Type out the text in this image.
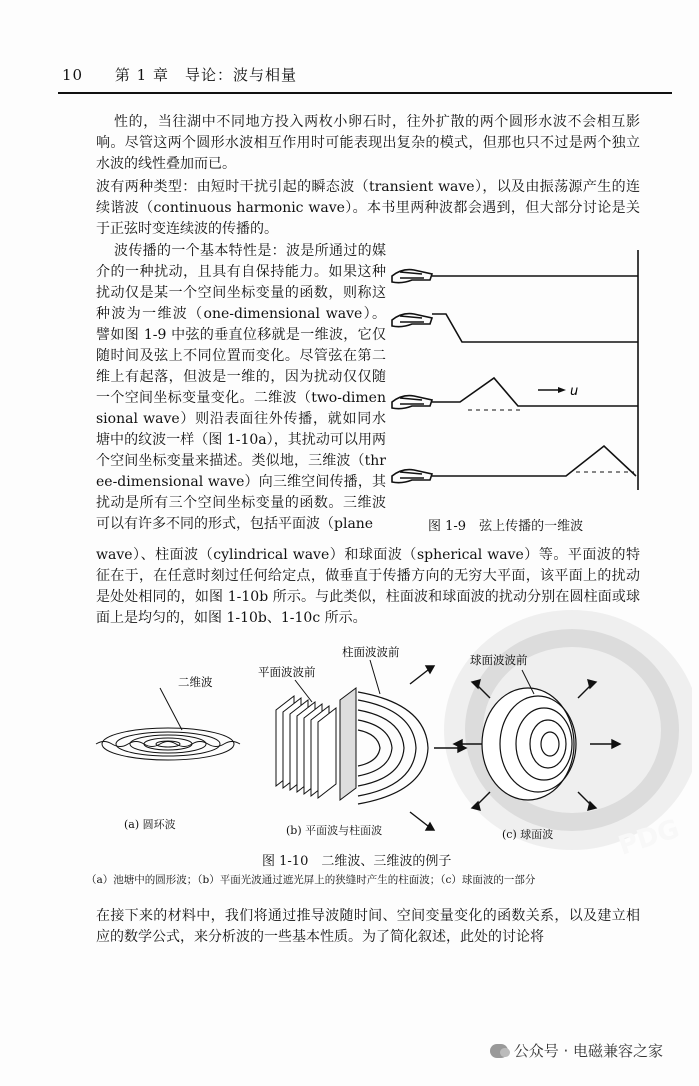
10 第 1 章　导论：波与相量
性的，当往湖中不同地方投入两枚小卵石时，往外扩散的两个圆形水波不会相互影响。尽管这两个圆形水波相互作用时可能表现出复杂的模式，但那也只不过是两个独立水波的线性叠加而已。
波有两种类型：由短时干扰引起的瞬态波（transient wave），以及由振荡源产生的连续谐波（continuous harmonic wave）。本书里两种波都会遇到，但大部分讨论是关于正弦时变连续波的传播的。
波传播的一个基本特性是：波是所通过的媒介的一种扰动，且具有自保持能力。如果这种扰动仅是某一个空间坐标变量的函数，则称这种波为一维波（one-dimensional wave）。譬如图 1-9 中弦的垂直位移就是一维波，它仅随时间及弦上不同位置而变化。尽管弦在第二维上有起落，但波是一维的，因为扰动仅仅随一个空间坐标变量变化。二维波（two-dimensional wave）则沿表面往外传播，就如同水塘中的纹波一样（图 1-10a），其扰动可以用两个空间坐标变量来描述。类似地，三维波（three-dimensional wave）向三维空间传播，其扰动是所有三个空间坐标变量的函数。三维波可以有许多不同的形式，包括平面波（plane
wave）、柱面波（cylindrical wave）和球面波（spherical wave）等。平面波的特征在于，在任意时刻过任何给定点，做垂直于传播方向的无穷大平面，该平面上的扰动是处处相同的，如图 1-10b 所示。与此类似，柱面波和球面波的扰动分别在圆柱面或球面上是均匀的，如图 1-10b、1-10c 所示。
u
图 1-9　弦上传播的一维波
PDG
二维波
平面波波前
柱面波波前
球面波波前
(a) 圆环波	(b) 平面波与柱面波	(c) 球面波
图 1-10　二维波、三维波的例子
（a）池塘中的圆形波；（b）平面光波通过遮光屏上的狭缝时产生的柱面波；（c）球面波的一部分
在接下来的材料中，我们将通过推导波随时间、空间变量变化的函数关系，以及建立相应的数学公式，来分析波的一些基本性质。为了简化叙述，此处的讨论将
公众号 · 电磁兼容之家
